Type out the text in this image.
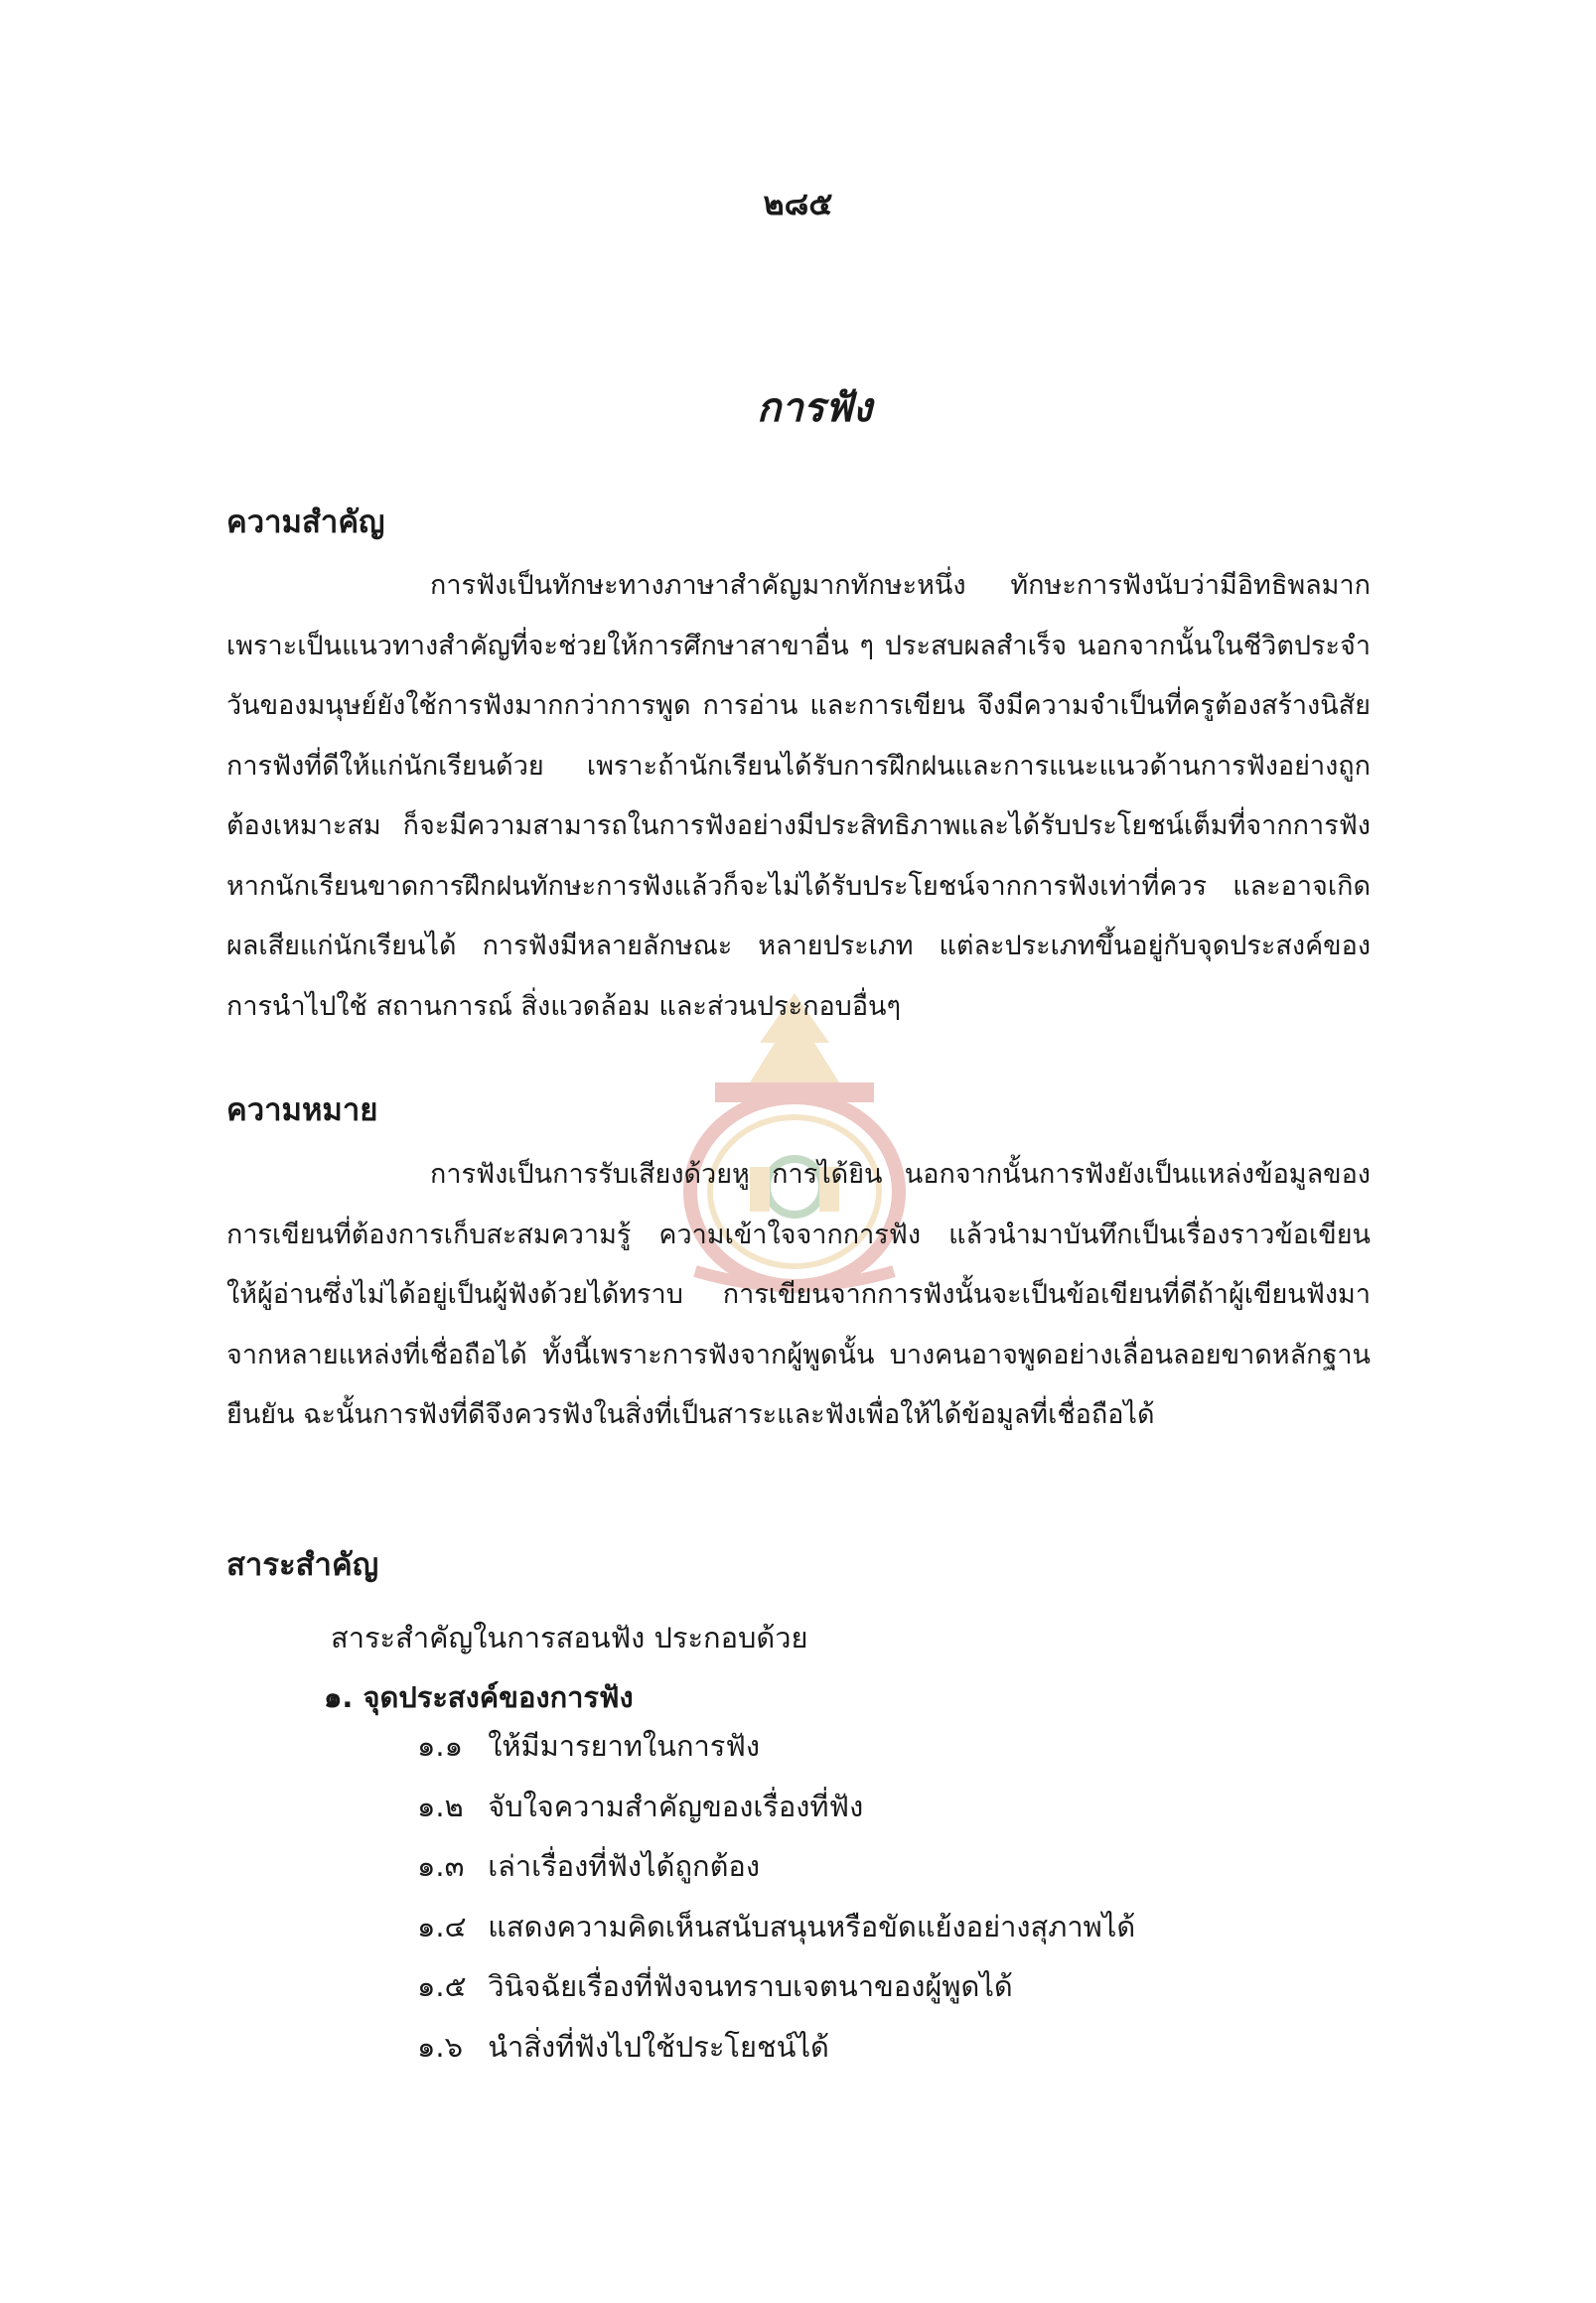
๒๘๕
การฟัง
ความสำคัญ

การฟังเป็นทักษะทางภาษาสำคัญมากทักษะหนึ่ง ทักษะการฟังนับว่ามีอิทธิพลมาก เพราะเป็นแนวทางสำคัญที่จะช่วยให้การศึกษาสาขาอื่น ๆ ประสบผลสำเร็จ นอกจากนั้นในชีวิตประจำวันของมนุษย์ยังใช้การฟังมากกว่าการพูด การอ่าน และการเขียน จึงมีความจำเป็นที่ครูต้องสร้างนิสัยการฟังที่ดีให้แก่นักเรียนด้วย เพราะถ้านักเรียนได้รับการฝึกฝนและการแนะแนวด้านการฟังอย่างถูกต้องเหมาะสม ก็จะมีความสามารถในการฟังอย่างมีประสิทธิภาพและได้รับประโยชน์เต็มที่จากการฟัง หากนักเรียนขาดการฝึกฝนทักษะการฟังแล้วก็จะไม่ได้รับประโยชน์จากการฟังเท่าที่ควร และอาจเกิดผลเสียแก่นักเรียนได้ การฟังมีหลายลักษณะ หลายประเภท แต่ละประเภทขึ้นอยู่กับจุดประสงค์ของการนำไปใช้ สถานการณ์ สิ่งแวดล้อม และส่วนประกอบอื่นๆ

ความหมาย

การฟังเป็นการรับเสียงด้วยหู การได้ยิน นอกจากนั้นการฟังยังเป็นแหล่งข้อมูลของการเขียนที่ต้องการเก็บสะสมความรู้ ความเข้าใจจากการฟัง แล้วนำมาบันทึกเป็นเรื่องราวข้อเขียน ให้ผู้อ่านซึ่งไม่ได้อยู่เป็นผู้ฟังด้วยได้ทราบ การเขียนจากการฟังนั้นจะเป็นข้อเขียนที่ดีถ้าผู้เขียนฟังมาจากหลายแหล่งที่เชื่อถือได้ ทั้งนี้เพราะการฟังจากผู้พูดนั้น บางคนอาจพูดอย่างเลื่อนลอยขาดหลักฐานยืนยัน ฉะนั้นการฟังที่ดีจึงควรฟังในสิ่งที่เป็นสาระและฟังเพื่อให้ได้ข้อมูลที่เชื่อถือได้

สาระสำคัญ
สาระสำคัญในการสอนฟัง ประกอบด้วย
๑. จุดประสงค์ของการฟัง
๑.๑ ให้มีมารยาทในการฟัง
๑.๒ จับใจความสำคัญของเรื่องที่ฟัง
๑.๓ เล่าเรื่องที่ฟังได้ถูกต้อง
๑.๔ แสดงความคิดเห็นสนับสนุนหรือขัดแย้งอย่างสุภาพได้
๑.๕ วินิจฉัยเรื่องที่ฟังจนทราบเจตนาของผู้พูดได้
๑.๖ นำสิ่งที่ฟังไปใช้ประโยชน์ได้
